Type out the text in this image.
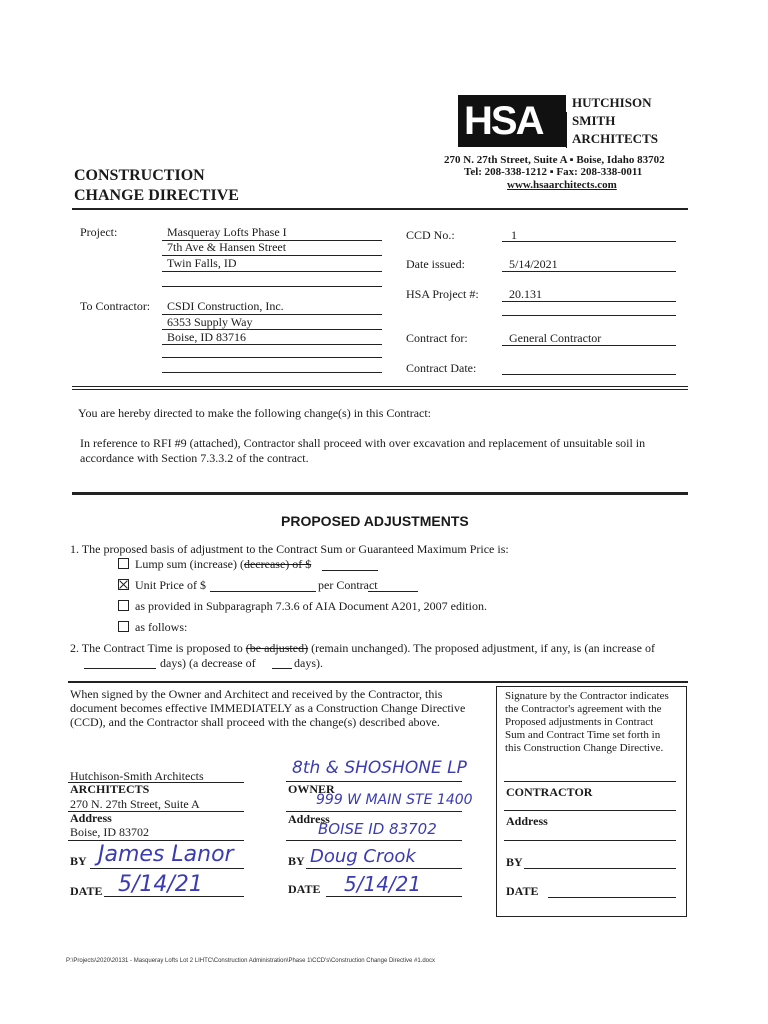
HSA HUTCHISON
SMITH
ARCHITECTS
270 N. 27th Street, Suite A ▪ Boise, Idaho 83702
Tel: 208-338-1212 ▪ Fax: 208-338-0011
www.hsaarchitects.com
CONSTRUCTION
CHANGE DIRECTIVE
Project:	Masqueray Lofts Phase I
7th Ave & Hansen Street
Twin Falls, ID
To Contractor: CSDI Construction, Inc.
6353 Supply Way
Boise, ID 83716
CCD No.:	1
Date issued:	5/14/2021
HSA Project #:	20.131
Contract for:	General Contractor
Contract Date:
You are hereby directed to make the following change(s) in this Contract:
In reference to RFI #9 (attached), Contractor shall proceed with over excavation and replacement of unsuitable soil in
accordance with Section 7.3.3.2 of the contract.
PROPOSED ADJUSTMENTS
1. The proposed basis of adjustment to the Contract Sum or Guaranteed Maximum Price is:
Lump sum (increase) (decrease) of $
Unit Price of $	per Contract
as provided in Subparagraph 7.3.6 of AIA Document A201, 2007 edition.
as follows:
2. The Contract Time is proposed to (be adjusted) (remain unchanged). The proposed adjustment, if any, is (an increase of
days) (a decrease of	days).
When signed by the Owner and Architect and received by the Contractor, this
document becomes effective IMMEDIATELY as a Construction Change Directive
(CCD), and the Contractor shall proceed with the change(s) described above.
Signature by the Contractor indicates
the Contractor's agreement with the
Proposed adjustments in Contract
Sum and Contract Time set forth in
this Construction Change Directive.
Hutchison-Smith Architects
ARCHITECTS
270 N. 27th Street, Suite A
Address
Boise, ID 83702
BY James Lanor
DATE 5/14/21
8th & SHOSHONE LP
OWNER
999 W MAIN STE 1400
Address
BOISE ID 83702
BY Doug Crook
DATE 5/14/21
CONTRACTOR
Address
BY
DATE
P:\Projects\2020\20131 - Masqueray Lofts Lot 2 LIHTC\Construction Administration\Phase 1\CCD's\Construction Change Directive #1.docx
